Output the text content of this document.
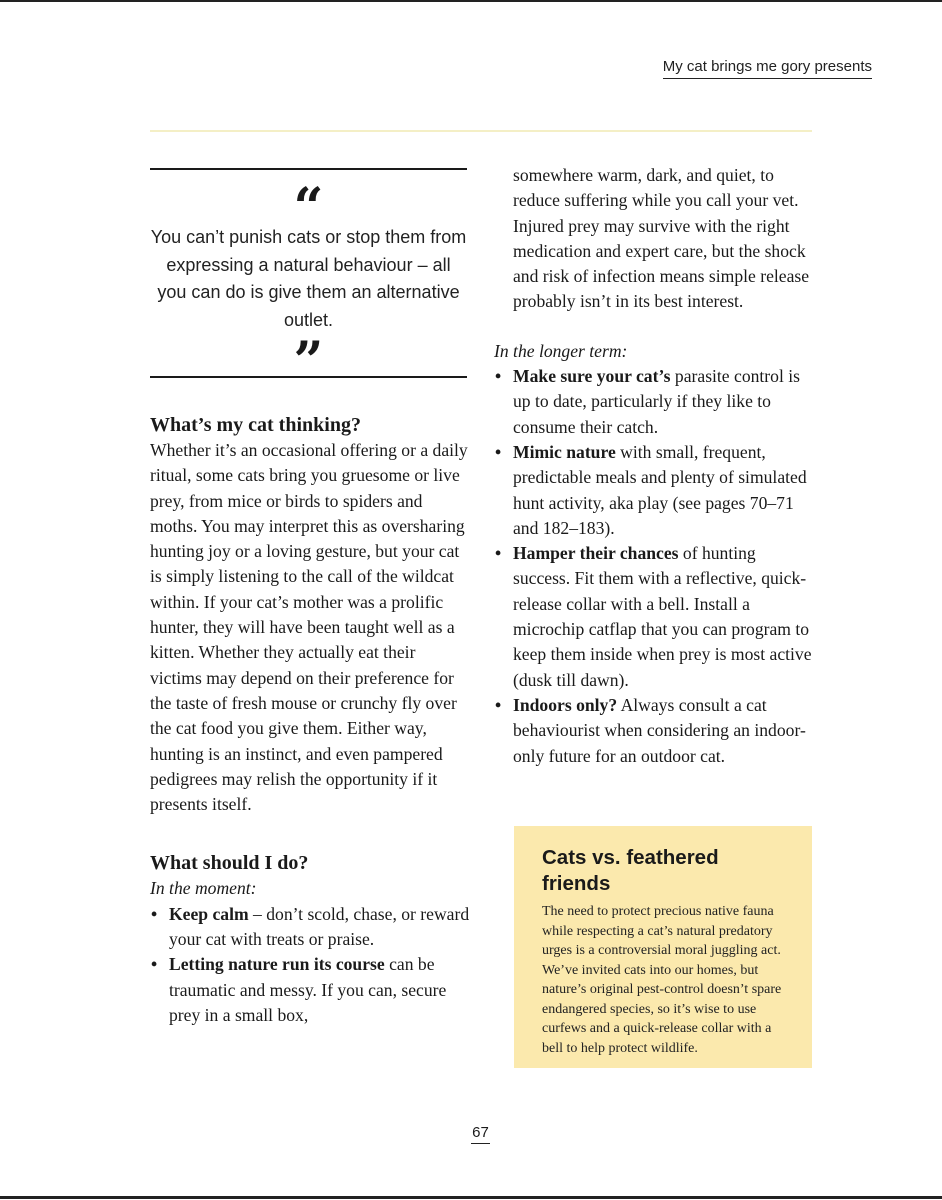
My cat brings me gory presents
“
You can’t punish cats or stop them from expressing a natural behaviour – all you can do is give them an alternative outlet.
”
What’s my cat thinking?
Whether it’s an occasional offering or a daily ritual, some cats bring you gruesome or live prey, from mice or birds to spiders and moths. You may interpret this as oversharing hunting joy or a loving gesture, but your cat is simply listening to the call of the wildcat within. If your cat’s mother was a prolific hunter, they will have been taught well as a kitten. Whether they actually eat their victims may depend on their preference for the taste of fresh mouse or crunchy fly over the cat food you give them. Either way, hunting is an instinct, and even pampered pedigrees may relish the opportunity if it presents itself.
What should I do?
In the moment:
• Keep calm – don’t scold, chase, or reward your cat with treats or praise.
• Letting nature run its course can be traumatic and messy. If you can, secure prey in a small box,
somewhere warm, dark, and quiet, to reduce suffering while you call your vet. Injured prey may survive with the right medication and expert care, but the shock and risk of infection means simple release probably isn’t in its best interest.
In the longer term:
• Make sure your cat’s parasite control is up to date, particularly if they like to consume their catch.
• Mimic nature with small, frequent, predictable meals and plenty of simulated hunt activity, aka play (see pages 70–71 and 182–183).
• Hamper their chances of hunting success. Fit them with a reflective, quick-release collar with a bell. Install a microchip catflap that you can program to keep them inside when prey is most active (dusk till dawn).
• Indoors only? Always consult a cat behaviourist when considering an indoor-only future for an outdoor cat.
Cats vs. feathered friends
The need to protect precious native fauna while respecting a cat’s natural predatory urges is a controversial moral juggling act. We’ve invited cats into our homes, but nature’s original pest-control doesn’t spare endangered species, so it’s wise to use curfews and a quick-release collar with a bell to help protect wildlife.
67
